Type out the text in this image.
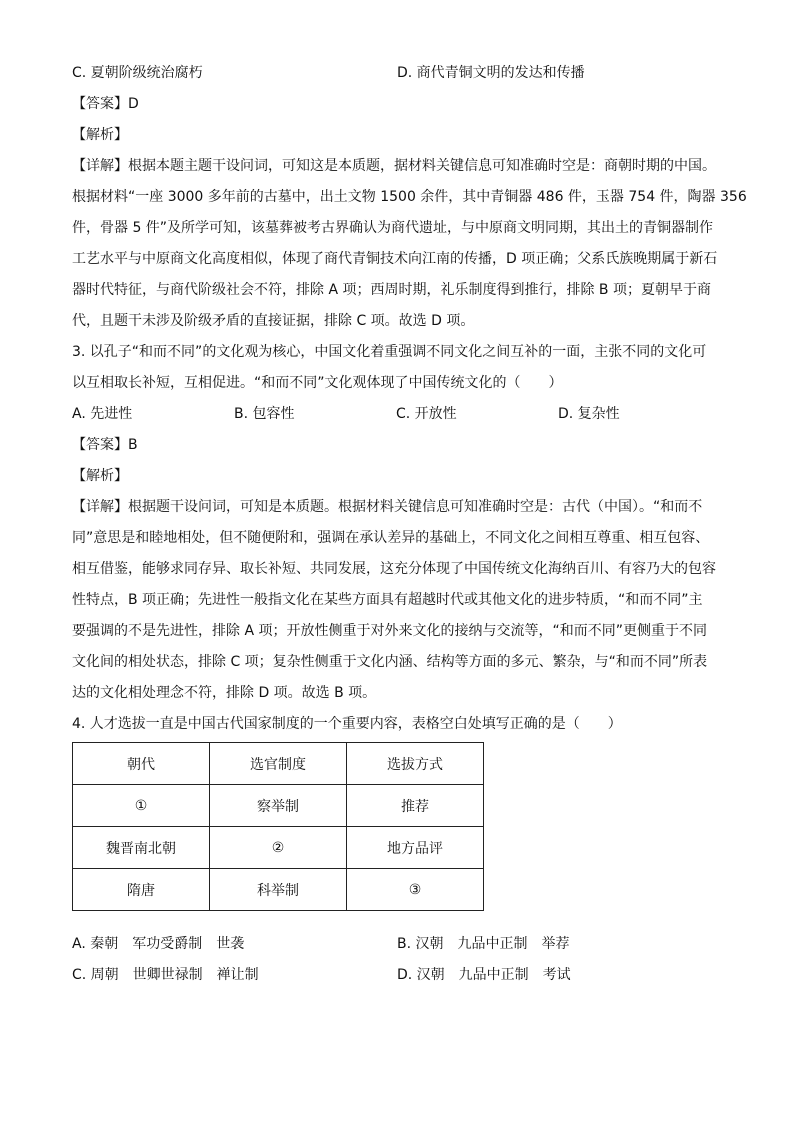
C. 夏朝阶级统治腐朽	D. 商代青铜文明的发达和传播
【答案】D
【解析】
【详解】根据本题主题干设问词，可知这是本质题，据材料关键信息可知准确时空是：商朝时期的中国。
根据材料“一座 3000 多年前的古墓中，出土文物 1500 余件，其中青铜器 486 件，玉器 754 件，陶器 356
件，骨器 5 件”及所学可知，该墓葬被考古界确认为商代遗址，与中原商文明同期，其出土的青铜器制作
工艺水平与中原商文化高度相似，体现了商代青铜技术向江南的传播，D 项正确；父系氏族晚期属于新石
器时代特征，与商代阶级社会不符，排除 A 项；西周时期，礼乐制度得到推行，排除 B 项；夏朝早于商
代，且题干未涉及阶级矛盾的直接证据，排除 C 项。故选 D 项。
3. 以孔子“和而不同”的文化观为核心，中国文化着重强调不同文化之间互补的一面，主张不同的文化可
以互相取长补短，互相促进。“和而不同”文化观体现了中国传统文化的（　　）
A. 先进性	B. 包容性	C. 开放性	D. 复杂性
【答案】B
【解析】
【详解】根据题干设问词，可知是本质题。根据材料关键信息可知准确时空是：古代（中国）。“和而不
同”意思是和睦地相处，但不随便附和，强调在承认差异的基础上，不同文化之间相互尊重、相互包容、
相互借鉴，能够求同存异、取长补短、共同发展，这充分体现了中国传统文化海纳百川、有容乃大的包容
性特点，B 项正确；先进性一般指文化在某些方面具有超越时代或其他文化的进步特质，“和而不同”主
要强调的不是先进性，排除 A 项；开放性侧重于对外来文化的接纳与交流等，“和而不同”更侧重于不同
文化间的相处状态，排除 C 项；复杂性侧重于文化内涵、结构等方面的多元、繁杂，与“和而不同”所表
达的文化相处理念不符，排除 D 项。故选 B 项。
4. 人才选拔一直是中国古代国家制度的一个重要内容，表格空白处填写正确的是（　　）
朝代	选官制度	选拔方式
①	察举制	推荐
魏晋南北朝	②	地方品评
隋唐	科举制	③
A. 秦朝　军功受爵制　世袭	B. 汉朝　九品中正制　举荐
C. 周朝　世卿世禄制　禅让制	D. 汉朝　九品中正制　考试
